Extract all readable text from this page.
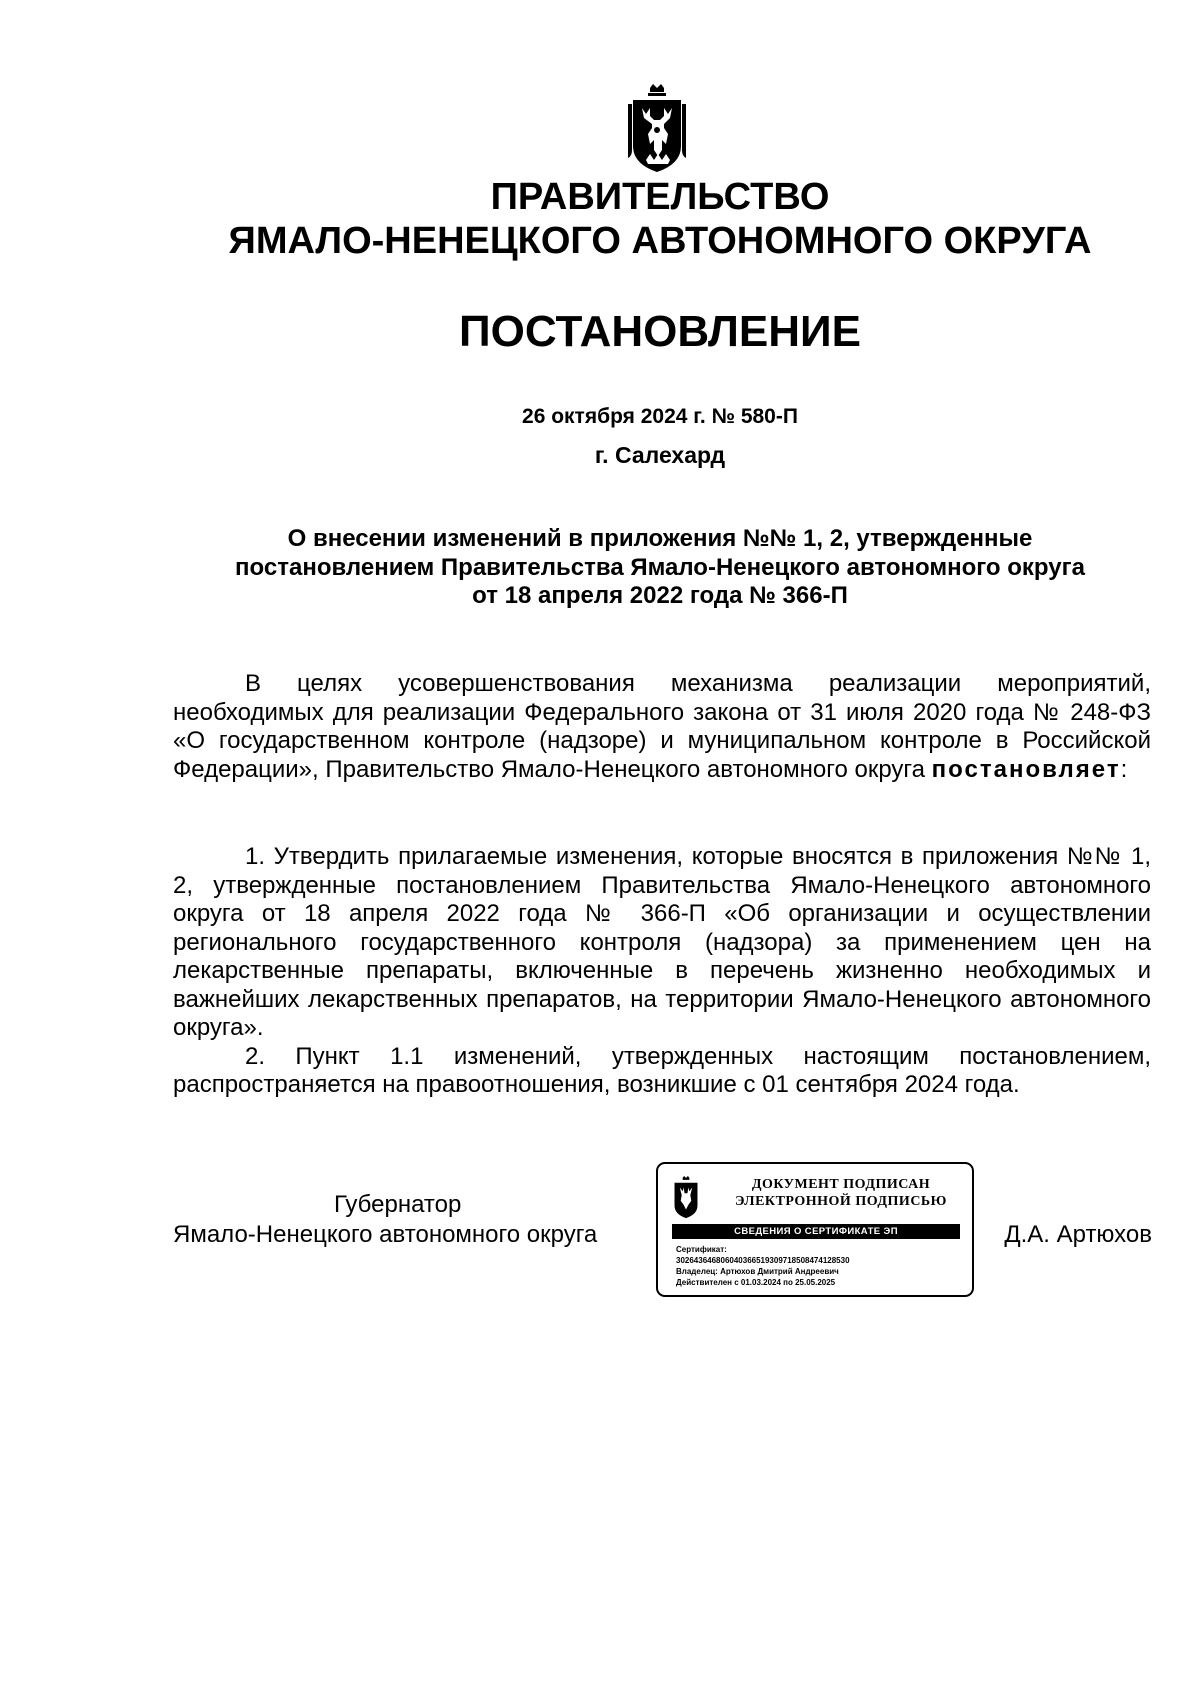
ПРАВИТЕЛЬСТВО
ЯМАЛО-НЕНЕЦКОГО АВТОНОМНОГО ОКРУГА
ПОСТАНОВЛЕНИЕ
26 октября 2024 г. № 580-П
г. Салехард
О внесении изменений в приложения №№ 1, 2, утвержденные
постановлением Правительства Ямало-Ненецкого автономного округа
от 18 апреля 2022 года № 366-П

В целях усовершенствования механизма реализации мероприятий, необходимых для реализации Федерального закона от 31 июля 2020 года № 248-ФЗ «О государственном контроле (надзоре) и муниципальном контроле в Российской Федерации», Правительство Ямало-Ненецкого автономного округа постановляет:

1. Утвердить прилагаемые изменения, которые вносятся в приложения №№ 1, 2, утвержденные постановлением Правительства Ямало-Ненецкого автономного округа от 18 апреля 2022 года № 366-П «Об организации и осуществлении регионального государственного контроля (надзора) за применением цен на лекарственные препараты, включенные в перечень жизненно необходимых и важнейших лекарственных препаратов, на территории Ямало-Ненецкого автономного округа».

2. Пункт 1.1 изменений, утвержденных настоящим постановлением, распространяется на правоотношения, возникшие с 01 сентября 2024 года.

Губернатор
Ямало-Ненецкого автономного округа
ДОКУМЕНТ ПОДПИСАН
ЭЛЕКТРОННОЙ ПОДПИСЬЮ
СВЕДЕНИЯ О СЕРТИФИКАТЕ ЭП
Сертификат:
302643646806040366519309718508474128530
Владелец: Артюхов Дмитрий Андреевич
Действителен с 01.03.2024 по 25.05.2025
Д.А. Артюхов
